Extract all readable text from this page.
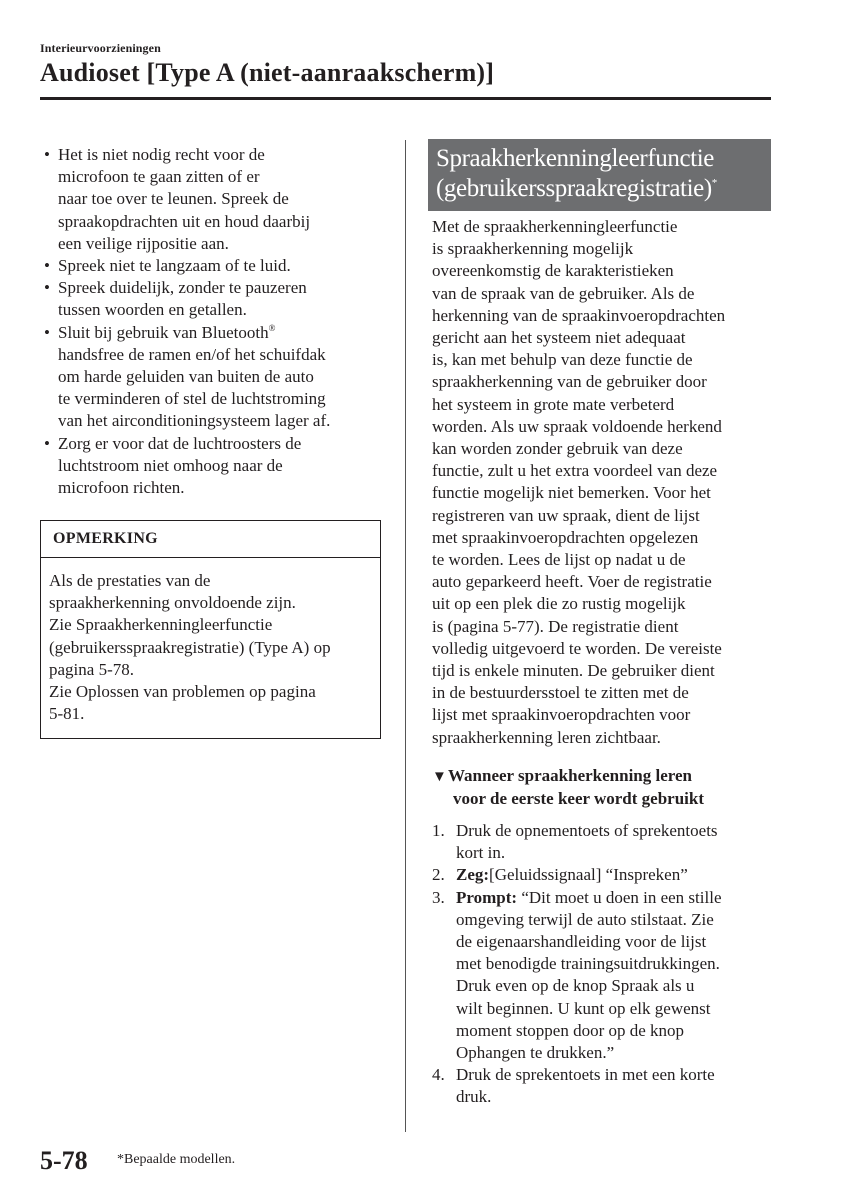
Interieurvoorzieningen
Audioset [Type A (niet-aanraakscherm)]
• Het is niet nodig recht voor de
microfoon te gaan zitten of er
naar toe over te leunen. Spreek de
spraakopdrachten uit en houd daarbij
een veilige rijpositie aan.
• Spreek niet te langzaam of te luid.
• Spreek duidelijk, zonder te pauzeren
tussen woorden en getallen.
• Sluit bij gebruik van Bluetooth®
handsfree de ramen en/of het schuifdak
om harde geluiden van buiten de auto
te verminderen of stel de luchtstroming
van het airconditioningsysteem lager af.
• Zorg er voor dat de luchtroosters de
luchtstroom niet omhoog naar de
microfoon richten.
OPMERKING
Als de prestaties van de
spraakherkenning onvoldoende zijn.
Zie Spraakherkenningleerfunctie
(gebruikersspraakregistratie) (Type A) op
pagina 5-78.
Zie Oplossen van problemen op pagina
5-81.
Spraakherkenningleerfunctie
(gebruikersspraakregistratie)*
Met de spraakherkenningleerfunctie
is spraakherkenning mogelijk
overeenkomstig de karakteristieken
van de spraak van de gebruiker. Als de
herkenning van de spraakinvoeropdrachten
gericht aan het systeem niet adequaat
is, kan met behulp van deze functie de
spraakherkenning van de gebruiker door
het systeem in grote mate verbeterd
worden. Als uw spraak voldoende herkend
kan worden zonder gebruik van deze
functie, zult u het extra voordeel van deze
functie mogelijk niet bemerken. Voor het
registreren van uw spraak, dient de lijst
met spraakinvoeropdrachten opgelezen
te worden. Lees de lijst op nadat u de
auto geparkeerd heeft. Voer de registratie
uit op een plek die zo rustig mogelijk
is (pagina 5-77). De registratie dient
volledig uitgevoerd te worden. De vereiste
tijd is enkele minuten. De gebruiker dient
in de bestuurdersstoel te zitten met de
lijst met spraakinvoeropdrachten voor
spraakherkenning leren zichtbaar.
▼Wanneer spraakherkenning leren
voor de eerste keer wordt gebruikt
1. Druk de opnementoets of sprekentoets
kort in.
2. Zeg:[Geluidssignaal] “Inspreken”
3. Prompt: “Dit moet u doen in een stille
omgeving terwijl de auto stilstaat. Zie
de eigenaarshandleiding voor de lijst
met benodigde trainingsuitdrukkingen.
Druk even op de knop Spraak als u
wilt beginnen. U kunt op elk gewenst
moment stoppen door op de knop
Ophangen te drukken.”
4. Druk de sprekentoets in met een korte
druk.
5-78 *Bepaalde modellen.
